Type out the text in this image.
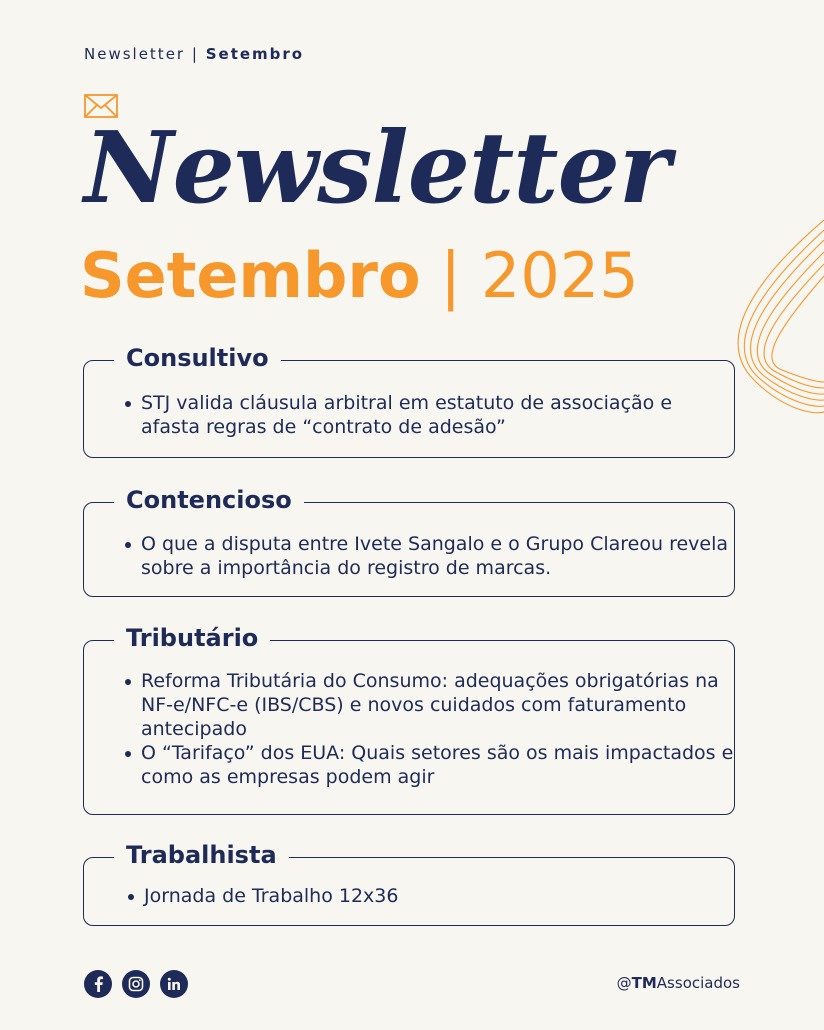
Newsletter | Setembro
Newsletter
Setembro | 2025
Consultivo
STJ valida cláusula arbitral em estatuto de associação e afasta regras de “contrato de adesão”
Contencioso
O que a disputa entre Ivete Sangalo e o Grupo Clareou revela sobre a importância do registro de marcas.
Tributário
Reforma Tributária do Consumo: adequações obrigatórias na NF-e/NFC-e (IBS/CBS) e novos cuidados com faturamento antecipado
O “Tarifaço” dos EUA: Quais setores são os mais impactados e como as empresas podem agir
Trabalhista
Jornada de Trabalho 12x36
@TMAssociados
